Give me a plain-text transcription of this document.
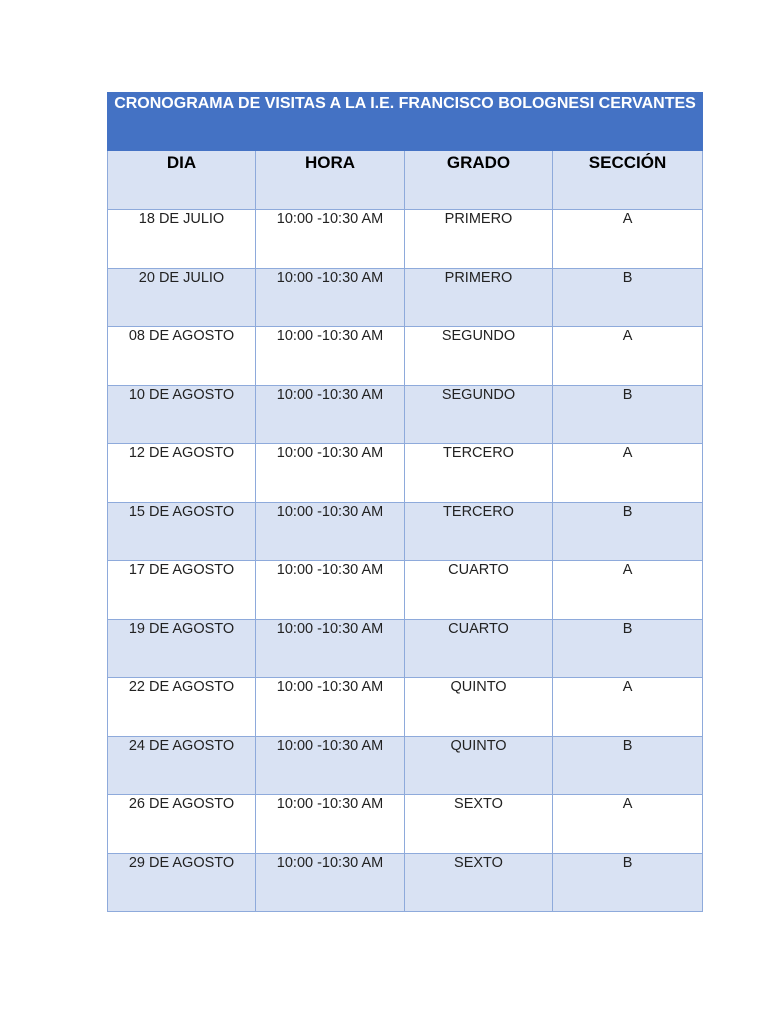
CRONOGRAMA DE VISITAS A LA I.E. FRANCISCO BOLOGNESI CERVANTES			
DIA	HORA	GRADO	SECCIÓN
18 DE JULIO	10:00 -10:30 AM	PRIMERO	A
20 DE JULIO	10:00 -10:30 AM	PRIMERO	B
08 DE AGOSTO	10:00 -10:30 AM	SEGUNDO	A
10 DE AGOSTO	10:00 -10:30 AM	SEGUNDO	B
12 DE AGOSTO	10:00 -10:30 AM	TERCERO	A
15 DE AGOSTO	10:00 -10:30 AM	TERCERO	B
17 DE AGOSTO	10:00 -10:30 AM	CUARTO	A
19 DE AGOSTO	10:00 -10:30 AM	CUARTO	B
22 DE AGOSTO	10:00 -10:30 AM	QUINTO	A
24 DE AGOSTO	10:00 -10:30 AM	QUINTO	B
26 DE AGOSTO	10:00 -10:30 AM	SEXTO	A
29 DE AGOSTO	10:00 -10:30 AM	SEXTO	B
